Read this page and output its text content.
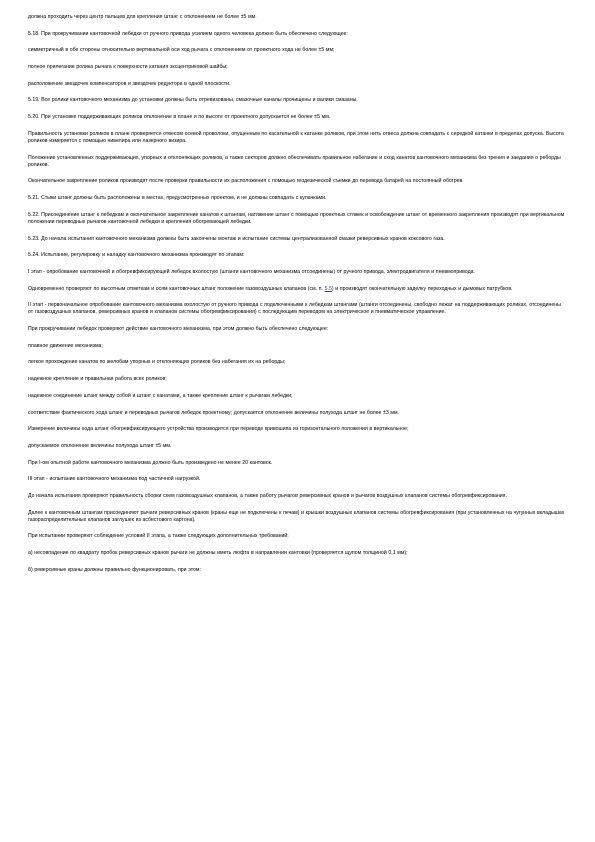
должна проходить через центр пальцев для крепления штанг с отклонением не более ±5 мм.

5.18. При прокручивании кантовочной лебедки от ручного привода усилием одного человека должно быть обеспечено следующее:

симметричный в обе стороны относительно вертикальной оси ход рычага с отклонением от проектного хода не более ±5 мм;

полное прилегание ролика рычага к поверхности катания эксцентриковой шайбы;

расположение звездочек компенсаторов и звездочек редуктора в одной плоскости.

5.19. Все ролики кантовочного механизма до установки должны быть отревизованы, смазочные каналы прочищены и валики смазаны.

5.20. При установке поддерживающих роликов отклонение в плане и по высоте от проектного допускается не более ±5 мм.

Правильность установки роликов в плане проверяется отвесом осевой проволоки, опущенным по касательной к катанке роликов, при этом нить отвеса должна совпадать с середкой катанки в пределах допуска. Высота роликов измеряется с помощью нивелира или лазерного визира.

Положение установленных поддерживающих, упорных и отклоняющих роликов, а также секторов должно обеспечивать правильное набегание и сход канатов кантовочного механизма без трения и заедания о реборды роликов.

Окончательное закрепление роликов производят после проверки правильности их расположения с помощью геодезической съемки до перевода батарей на постоянный обогрев.

5.21. Стыки штанг должны быть расположены в местах, предусмотренных проектом, и не должны совпадать с кулачками.

5.22. Присоединение штанг к лебедкам и окончательное закрепление канатов к штангам, натяжение штанг с помощью проектных стяжек и освобождение штанг от временного закрепления производят при вертикальном положении переводных рычагов кантовочной лебедки и крепления обогревающей лебедки.

5.23. До начала испытания кантовочного механизма должны быть закончены монтаж и испытание системы централизованной смазки реверсивных кранов коксового газа.

5.24. Испытание, регулировку и наладку кантовочного механизма производят по этапам:

I этап - опробование кантовочной и обогревфиксирующей лебедок вхолостую (штанги кантовочного механизма отсоединены) от ручного привода, электродвигателя и пневмопривода.

Одновременно проверяют по высотным отметкам и осям кантовочных штанг положение газовоздушных клапанов (см. п. 5.5) и производят окончательную заделку переходных и дымовых патрубков.

II этап - первоначальное опробование кантовочного механизма вхолостую от ручного привода с подключенными к лебедкам штангами (штанги отсоединены, свободно лежат на поддерживающих роликах, отсоединены от газовоздушных клапанов, реверсивных кранов и клапанов системы обогревфиксирования) с последующим переводом на электрическое и пневматическое управление.

При прокручивании лебедок проверяют действие кантовочного механизма, при этом должно быть обеспечено следующее:

плавное движение механизма;

легкое прохождение канатов по желобам упорных и отклоняющих роликов без набегания их на реборды;

надежное крепление и правильная работа всех роликов;

надежное соединение штанг между собой и штанг с канатами, а также крепление штанг к рычагам лебедки;

соответствие фактического хода штанг и переводных рычагов лебедок проектному; допускается отклонение величины полухода штанг не более ±3 мм.

Измерение величины хода штанг обогревфиксирующего устройства производится при переводе кривошипа из горизонтального положения в вертикальное;

допускаемое отклонение величины полухода штанг ±5 мм.

При I-ом опытной работе кантовочного механизма должно быть произведено не менее 20 кантовок.

III этап - испытание кантовочного механизма под частичной нагрузкой.

До начала испытания проверяют правильность сборки схем газовоздушных клапанов, а также работу рычагов реверсивных кранов и рычагов воздушных клапанов системы обогревфиксирования.

Далее к кантовочным штангам присоединяют рычаги реверсивных кранов (краны еще не подключены к печам) и крышки воздушных клапанов системы обогревфиксирования (при установленных на чугунных вкладышах газораспределительных клапанов заглушек из асбестового картона).

При испытании проверяют соблюдение условий II этапа, а также следующих дополнительных требований:

а) несовпадение по квадрату пробок реверсивных кранов рычаги не должны иметь люфта в направлении кантовки (проверяется щупом толщиной 0,1 мм);

б) реверсивные краны должны правильно функционировать, при этом:
